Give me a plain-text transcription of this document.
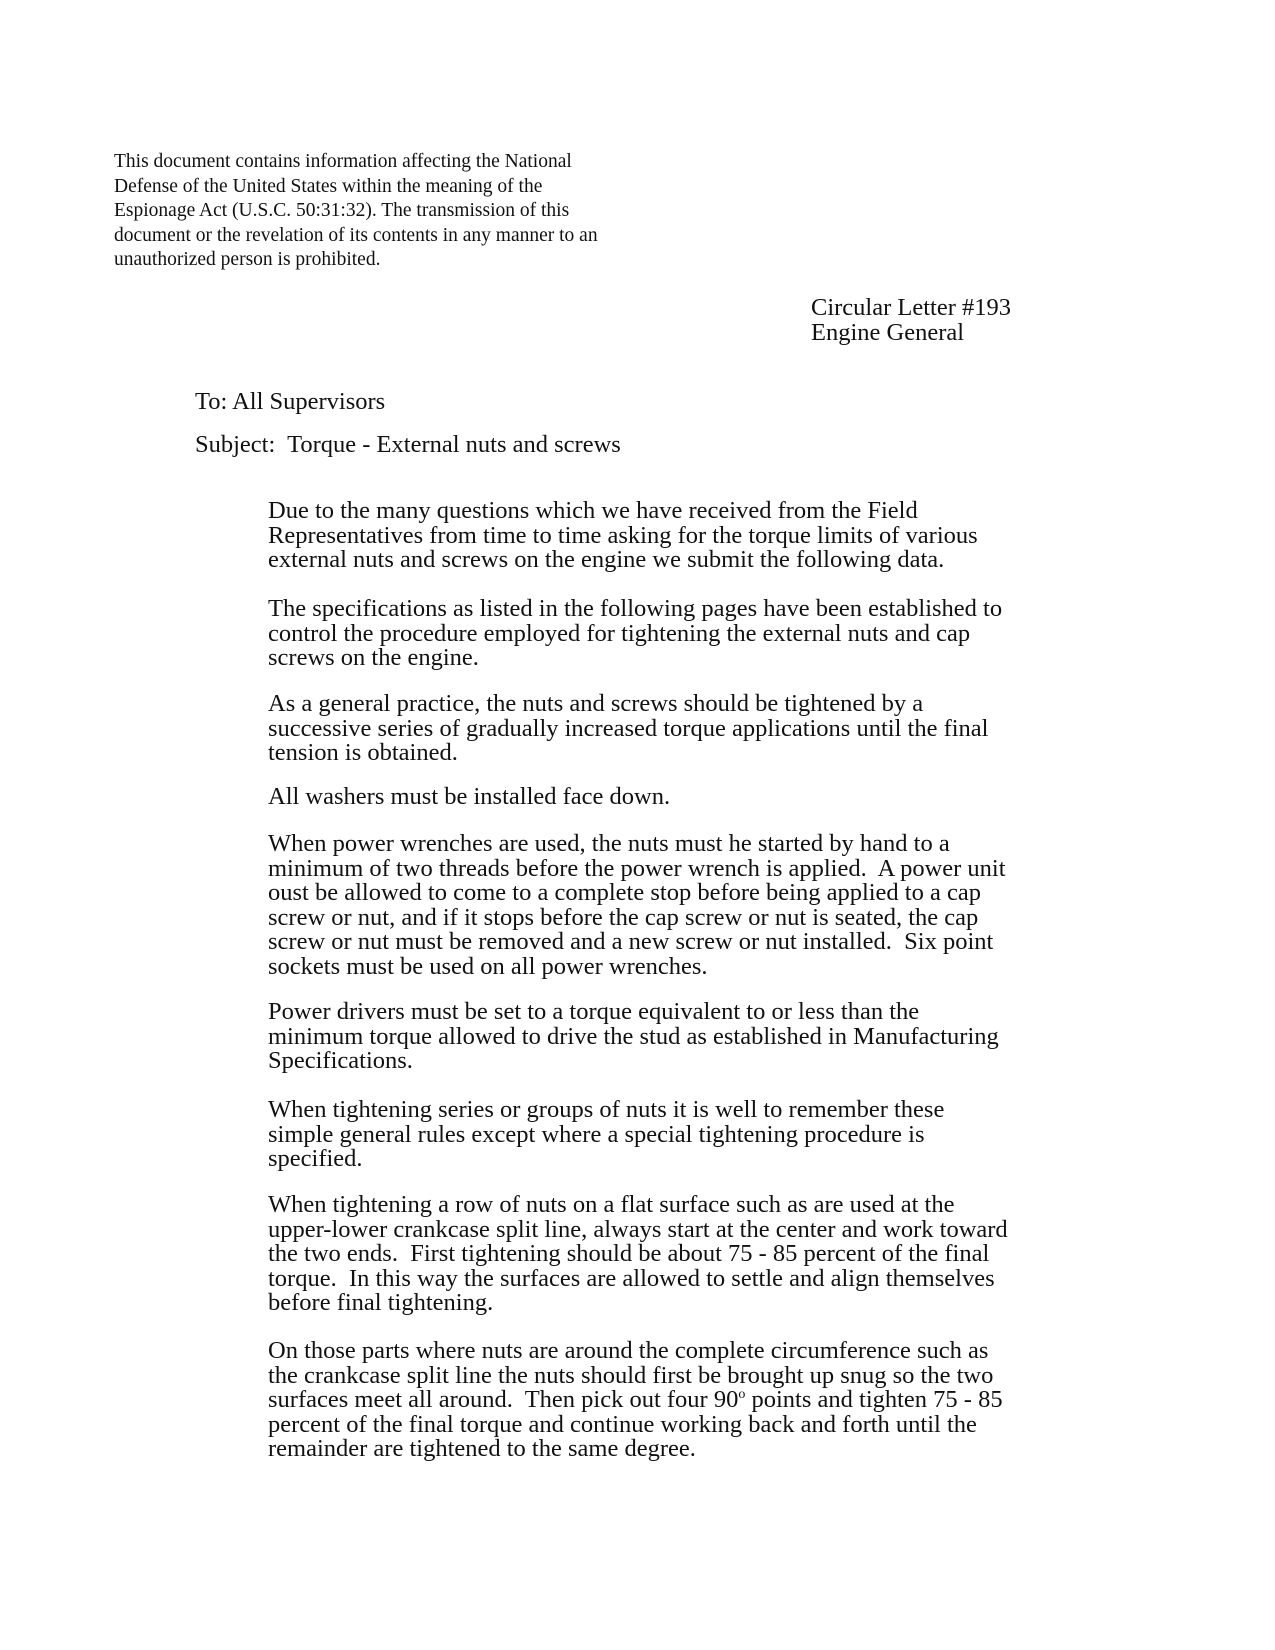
This document contains information affecting the National
Defense of the United States within the meaning of the
Espionage Act (U.S.C. 50:31:32). The transmission of this
document or the revelation of its contents in any manner to an
unauthorized person is prohibited.
Circular Letter #193
Engine General
To: All Supervisors
Subject:  Torque - External nuts and screws
Due to the many questions which we have received from the Field
Representatives from time to time asking for the torque limits of various
external nuts and screws on the engine we submit the following data.
The specifications as listed in the following pages have been established to
control the procedure employed for tightening the external nuts and cap
screws on the engine.
As a general practice, the nuts and screws should be tightened by a
successive series of gradually increased torque applications until the final
tension is obtained.
All washers must be installed face down.
When power wrenches are used, the nuts must he started by hand to a
minimum of two threads before the power wrench is applied.  A power unit
oust be allowed to come to a complete stop before being applied to a cap
screw or nut, and if it stops before the cap screw or nut is seated, the cap
screw or nut must be removed and a new screw or nut installed.  Six point
sockets must be used on all power wrenches.
Power drivers must be set to a torque equivalent to or less than the
minimum torque allowed to drive the stud as established in Manufacturing
Specifications.
When tightening series or groups of nuts it is well to remember these
simple general rules except where a special tightening procedure is
specified.
When tightening a row of nuts on a flat surface such as are used at the
upper-lower crankcase split line, always start at the center and work toward
the two ends.  First tightening should be about 75 - 85 percent of the final
torque.  In this way the surfaces are allowed to settle and align themselves
before final tightening.
On those parts where nuts are around the complete circumference such as
the crankcase split line the nuts should first be brought up snug so the two
surfaces meet all around.  Then pick out four 90$^o$ points and tighten 75 - 85
percent of the final torque and continue working back and forth until the
remainder are tightened to the same degree.
